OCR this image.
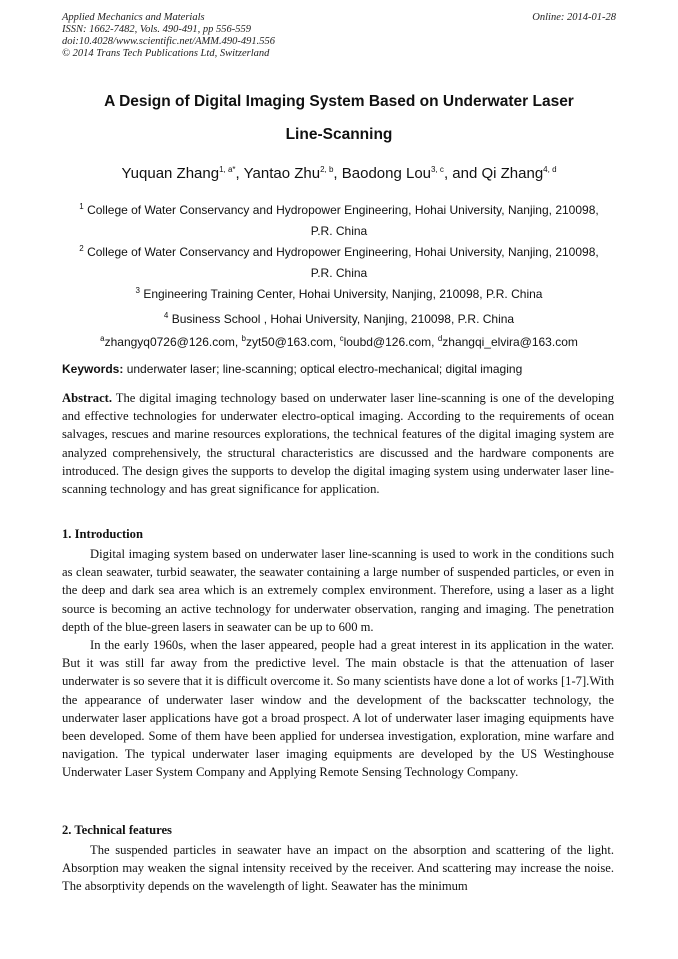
Applied Mechanics and Materials
ISSN: 1662-7482, Vols. 490-491, pp 556-559
doi:10.4028/www.scientific.net/AMM.490-491.556
© 2014 Trans Tech Publications Ltd, Switzerland
Online: 2014-01-28
A Design of Digital Imaging System Based on Underwater Laser
Line-Scanning
Yuquan Zhang$^{1, a*}$, Yantao Zhu$^{2, b}$, Baodong Lou$^{3, c}$, and Qi Zhang$^{4, d}$
$^1$ College of Water Conservancy and Hydropower Engineering, Hohai University, Nanjing, 210098,
P.R. China
$^2$ College of Water Conservancy and Hydropower Engineering, Hohai University, Nanjing, 210098,
P.R. China
$^3$ Engineering Training Center, Hohai University, Nanjing, 210098, P.R. China
$^4$ Business School , Hohai University, Nanjing, 210098, P.R. China
$^a$zhangyq0726@126.com, $^b$zyt50@163.com, $^c$loubd@126.com, $^d$zhangqi_elvira@163.com
Keywords: underwater laser; line-scanning; optical electro-mechanical; digital imaging

Abstract. The digital imaging technology based on underwater laser line-scanning is one of the developing and effective technologies for underwater electro-optical imaging. According to the requirements of ocean salvages, rescues and marine resources explorations, the technical features of the digital imaging system are analyzed comprehensively, the structural characteristics are discussed and the hardware components are introduced. The design gives the supports to develop the digital imaging system using underwater laser line-scanning technology and has great significance for application.

1. Introduction

Digital imaging system based on underwater laser line-scanning is used to work in the conditions such as clean seawater, turbid seawater, the seawater containing a large number of suspended particles, or even in the deep and dark sea area which is an extremely complex environment. Therefore, using a laser as a light source is becoming an active technology for underwater observation, ranging and imaging. The penetration depth of the blue-green lasers in seawater can be up to 600 m.

In the early 1960s, when the laser appeared, people had a great interest in its application in the water. But it was still far away from the predictive level. The main obstacle is that the attenuation of laser underwater is so severe that it is difficult overcome it. So many scientists have done a lot of works [1-7].With the appearance of underwater laser window and the development of the backscatter technology, the underwater laser applications have got a broad prospect. A lot of underwater laser imaging equipments have been developed. Some of them have been applied for undersea investigation, exploration, mine warfare and navigation. The typical underwater laser imaging equipments are developed by the US Westinghouse Underwater Laser System Company and Applying Remote Sensing Technology Company.

2. Technical features

The suspended particles in seawater have an impact on the absorption and scattering of the light. Absorption may weaken the signal intensity received by the receiver. And scattering may increase the noise. The absorptivity depends on the wavelength of light. Seawater has the minimum
